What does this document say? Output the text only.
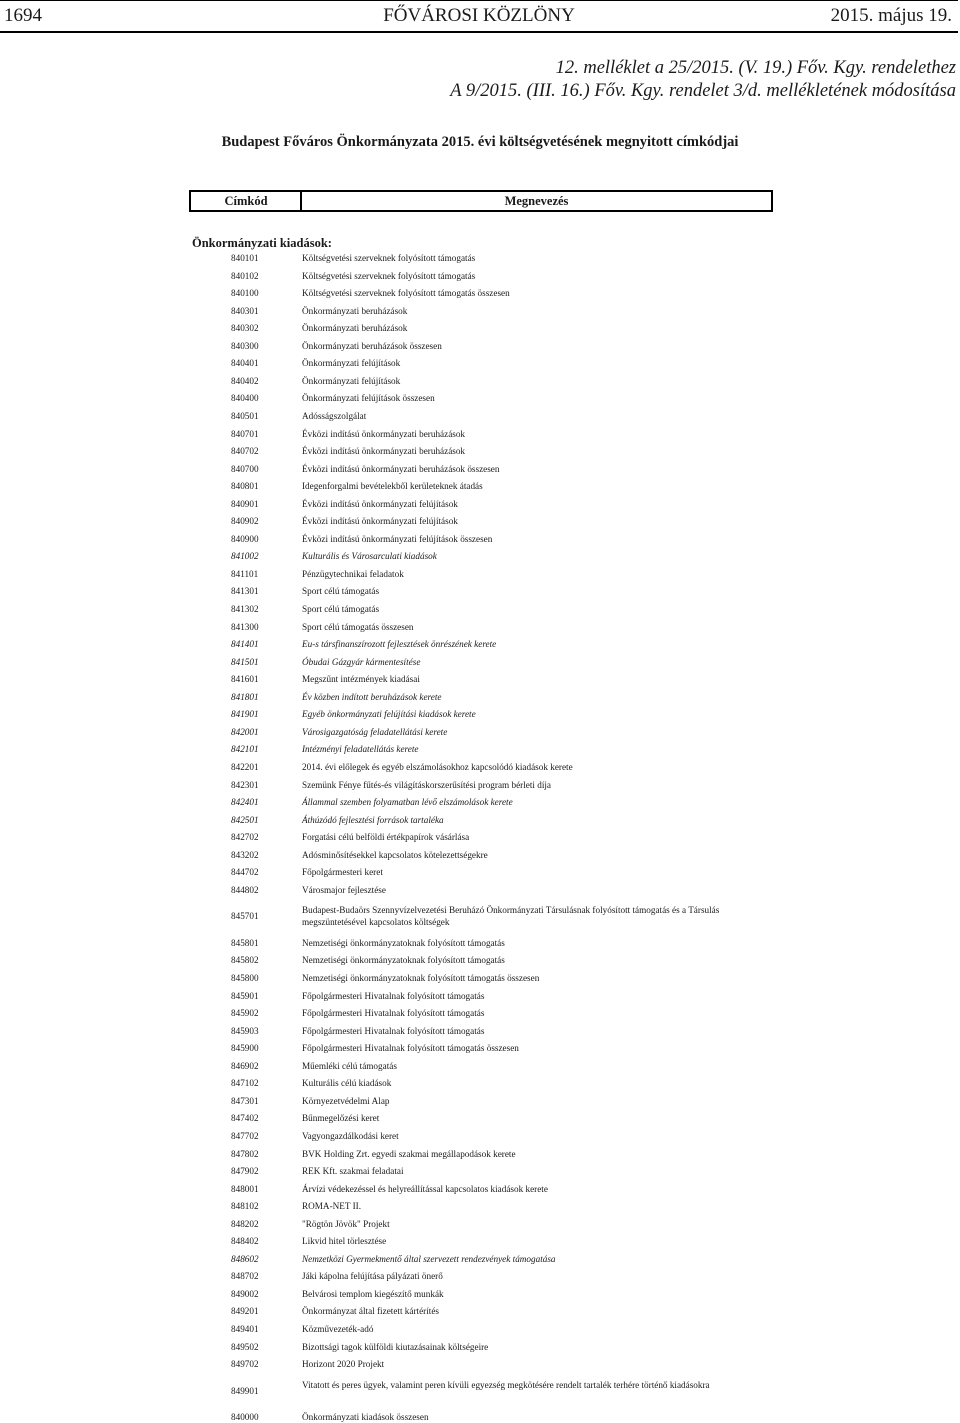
1694	FŐVÁROSI KÖZLÖNY	2015. május 19.

12. melléklet a 25/2015. (V. 19.) Főv. Kgy. rendelethez

A 9/2015. (III. 16.) Főv. Kgy. rendelet 3/d. mellékletének módosítása

Budapest Főváros Önkormányzata 2015. évi költségvetésének megnyitott címkódjai
Címkód	Megnevezés

Önkormányzati kiadások:

840101	Költségvetési szerveknek folyósított támogatás
840102	Költségvetési szerveknek folyósított támogatás
840100	Költségvetési szerveknek folyósított támogatás összesen
840301	Önkormányzati beruházások
840302	Önkormányzati beruházások
840300	Önkormányzati beruházások összesen
840401	Önkormányzati felújítások
840402	Önkormányzati felújítások
840400	Önkormányzati felújítások összesen
840501	Adósságszolgálat
840701	Évközi indítású önkormányzati beruházások
840702	Évközi indítású önkormányzati beruházások
840700	Évközi indítású önkormányzati beruházások összesen
840801	Idegenforgalmi bevételekből kerületeknek átadás
840901	Évközi indítású önkormányzati felújítások
840902	Évközi indítású önkormányzati felújítások
840900	Évközi indítású önkormányzati felújítások összesen
841002	Kulturális és Városarculati kiadások
841101	Pénzügytechnikai feladatok
841301	Sport célú támogatás
841302	Sport célú támogatás
841300	Sport célú támogatás összesen
841401	Eu-s társfinanszírozott fejlesztések önrészének kerete
841501	Óbudai Gázgyár kármentesítése
841601	Megszűnt intézmények kiadásai
841801	Év közben indított beruházások kerete
841901	Egyéb önkormányzati felújítási kiadások kerete
842001	Városigazgatóság feladatellátási kerete
842101	Intézményi feladatellátás kerete
842201	2014. évi előlegek és egyéb elszámolásokhoz kapcsolódó kiadások kerete
842301	Szemünk Fénye fűtés-és világításkorszerűsítési program bérleti díja
842401	Állammal szemben folyamatban lévő elszámolások kerete
842501	Áthúzódó fejlesztési források tartaléka
842702	Forgatási célú belföldi értékpapírok vásárlása
843202	Adósminősítésekkel kapcsolatos kötelezettségekre
844702	Főpolgármesteri keret
844802	Városmajor fejlesztése
845701
Budapest-Budaörs Szennyvízelvezetési Beruházó Önkormányzati Társulásnak folyósított támogatás és a Társulás megszüntetésével kapcsolatos költségek
845801	Nemzetiségi önkormányzatoknak folyósított támogatás
845802	Nemzetiségi önkormányzatoknak folyósított támogatás
845800	Nemzetiségi önkormányzatoknak folyósított támogatás összesen
845901	Főpolgármesteri Hivatalnak folyósított támogatás
845902	Főpolgármesteri Hivatalnak folyósított támogatás
845903	Főpolgármesteri Hivatalnak folyósított támogatás
845900	Főpolgármesteri Hivatalnak folyósított támogatás összesen
846902	Műemléki célú támogatás
847102	Kulturális célú kiadások
847301	Környezetvédelmi Alap
847402	Bűnmegelőzési keret
847702	Vagyongazdálkodási keret
847802	BVK Holding Zrt. egyedi szakmai megállapodások kerete
847902	REK Kft. szakmai feladatai
848001	Árvízi védekezéssel és helyreállítással kapcsolatos kiadások kerete
848102	ROMA-NET II.
848202	"Rögtön Jövök" Projekt
848402	Likvid hitel törlesztése
848602	Nemzetközi Gyermekmentő által szervezett rendezvények támogatása
848702	Jáki kápolna felújítása pályázati önerő
849002	Belvárosi templom kiegészítő munkák
849201	Önkormányzat által fizetett kártérítés
849401	Közművezeték-adó
849502	Bizottsági tagok külföldi kiutazásainak költségeire
849702	Horizont 2020 Projekt
849901
Vitatott és peres ügyek, valamint peren kívüli egyezség megkötésére rendelt tartalék terhére történő kiadásokra
840000	Önkormányzati kiadások összesen
